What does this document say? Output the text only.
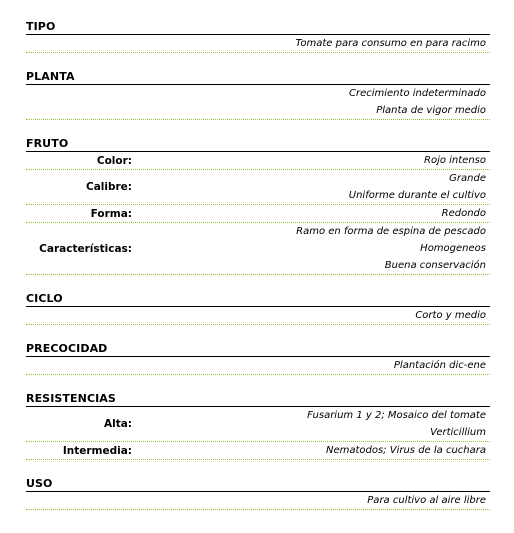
TIPO
Tomate para consumo en para racimo
PLANTA
Crecimiento indeterminado
Planta de vigor medio
FRUTO
Color:	Rojo intenso
Calibre:
Grande
Uniforme durante el cultivo
Forma:	Redondo
Características:
Ramo en forma de espina de pescado
Homogeneos
Buena conservación
CICLO
Corto y medio
PRECOCIDAD
Plantación dic-ene
RESISTENCIAS
Alta:
Fusarium 1 y 2; Mosaico del tomate
Verticillium
Intermedia:	Nematodos; Virus de la cuchara
USO
Para cultivo al aire libre
